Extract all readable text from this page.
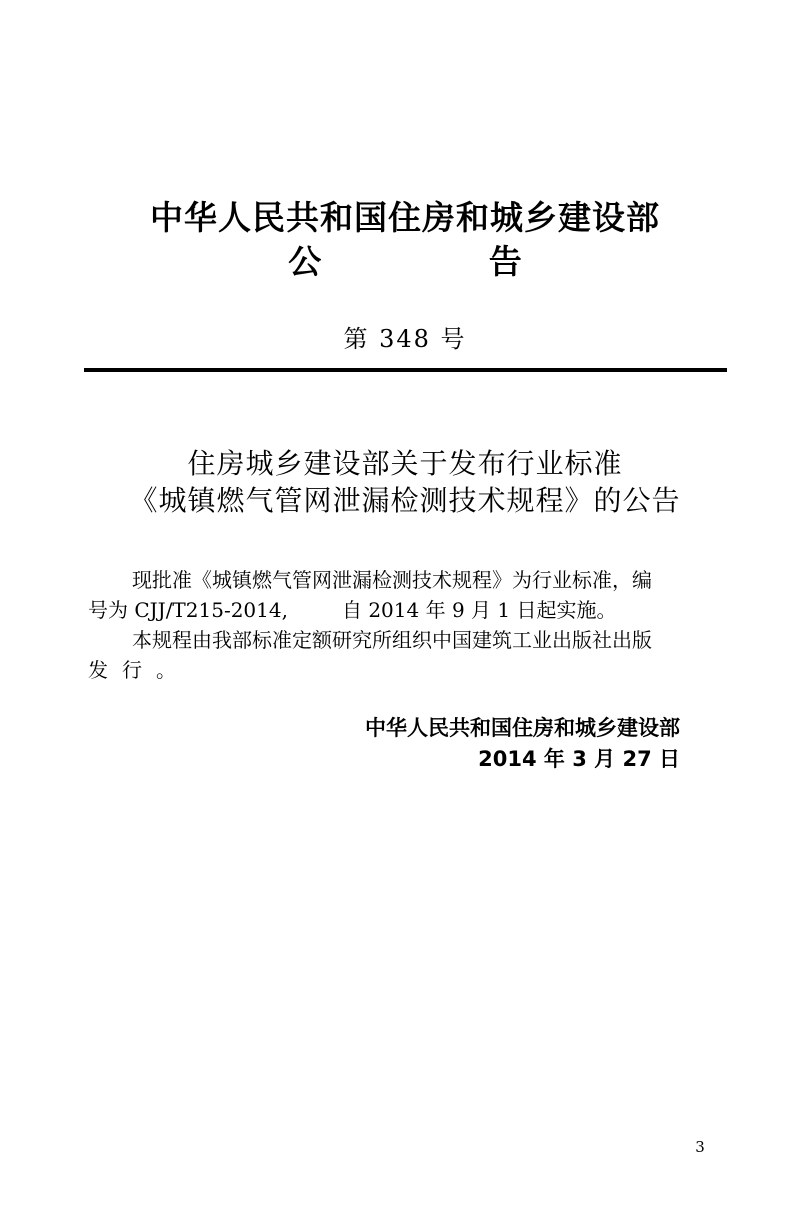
中华人民共和国住房和城乡建设部
公 告
第 348 号
住房城乡建设部关于发布行业标准
《城镇燃气管网泄漏检测技术规程》的公告
现批准《城镇燃气管网泄漏检测技术规程》为行业标准，编
号为 CJJ/T215-2014,	自 2014 年 9 月 1 日起实施。
本规程由我部标准定额研究所组织中国建筑工业出版社出版
发行。
中华人民共和国住房和城乡建设部
2014 年 3 月 27 日
3
